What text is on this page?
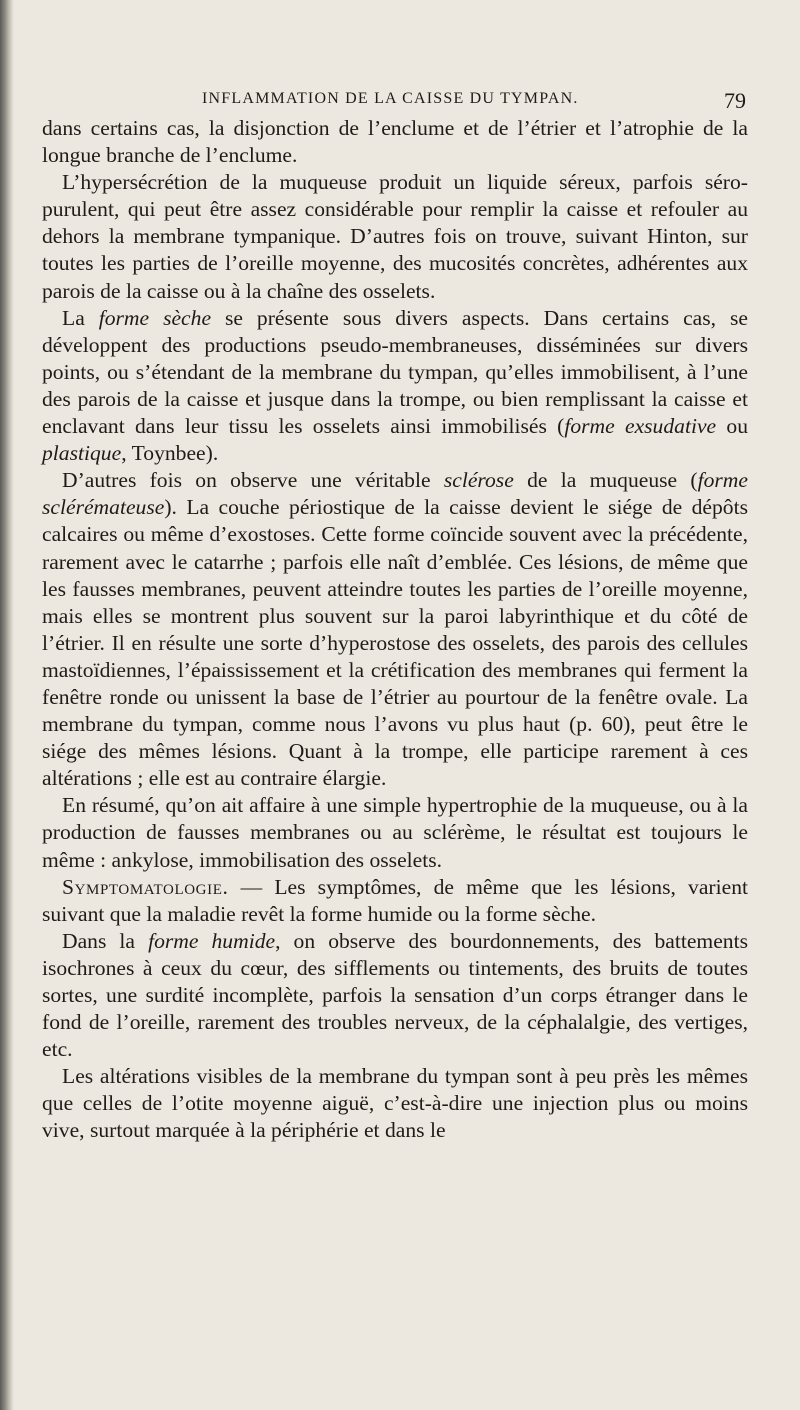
INFLAMMATION DE LA CAISSE DU TYMPAN.	79

dans certains cas, la disjonction de l’enclume et de l’étrier et l’atrophie de la longue branche de l’enclume.

L’hypersécrétion de la muqueuse produit un liquide séreux, parfois séro-purulent, qui peut être assez considérable pour remplir la caisse et refouler au dehors la membrane tympanique. D’autres fois on trouve, suivant Hinton, sur toutes les parties de l’oreille moyenne, des mucosités concrètes, adhérentes aux parois de la caisse ou à la chaîne des osselets.

La forme sèche se présente sous divers aspects. Dans certains cas, se développent des productions pseudo-membraneuses, disséminées sur divers points, ou s’étendant de la membrane du tympan, qu’elles immobilisent, à l’une des parois de la caisse et jusque dans la trompe, ou bien remplissant la caisse et enclavant dans leur tissu les osselets ainsi immobilisés (forme exsudative ou plastique, Toynbee).

D’autres fois on observe une véritable sclérose de la muqueuse (forme sclérémateuse). La couche périostique de la caisse devient le siége de dépôts calcaires ou même d’exostoses. Cette forme coïncide souvent avec la précédente, rarement avec le catarrhe ; parfois elle naît d’emblée. Ces lésions, de même que les fausses membranes, peuvent atteindre toutes les parties de l’oreille moyenne, mais elles se montrent plus souvent sur la paroi labyrinthique et du côté de l’étrier. Il en résulte une sorte d’hyperostose des osselets, des parois des cellules mastoïdiennes, l’épaississement et la crétification des membranes qui ferment la fenêtre ronde ou unissent la base de l’étrier au pourtour de la fenêtre ovale. La membrane du tympan, comme nous l’avons vu plus haut (p. 60), peut être le siége des mêmes lésions. Quant à la trompe, elle participe rarement à ces altérations ; elle est au contraire élargie.

En résumé, qu’on ait affaire à une simple hypertrophie de la muqueuse, ou à la production de fausses membranes ou au sclérème, le résultat est toujours le même : ankylose, immobilisation des osselets.

Symptomatologie. — Les symptômes, de même que les lésions, varient suivant que la maladie revêt la forme humide ou la forme sèche.

Dans la forme humide, on observe des bourdonnements, des battements isochrones à ceux du cœur, des sifflements ou tintements, des bruits de toutes sortes, une surdité incomplète, parfois la sensation d’un corps étranger dans le fond de l’oreille, rarement des troubles nerveux, de la céphalalgie, des vertiges, etc.

Les altérations visibles de la membrane du tympan sont à peu près les mêmes que celles de l’otite moyenne aiguë, c’est-à-dire une injection plus ou moins vive, surtout marquée à la périphérie et dans le
